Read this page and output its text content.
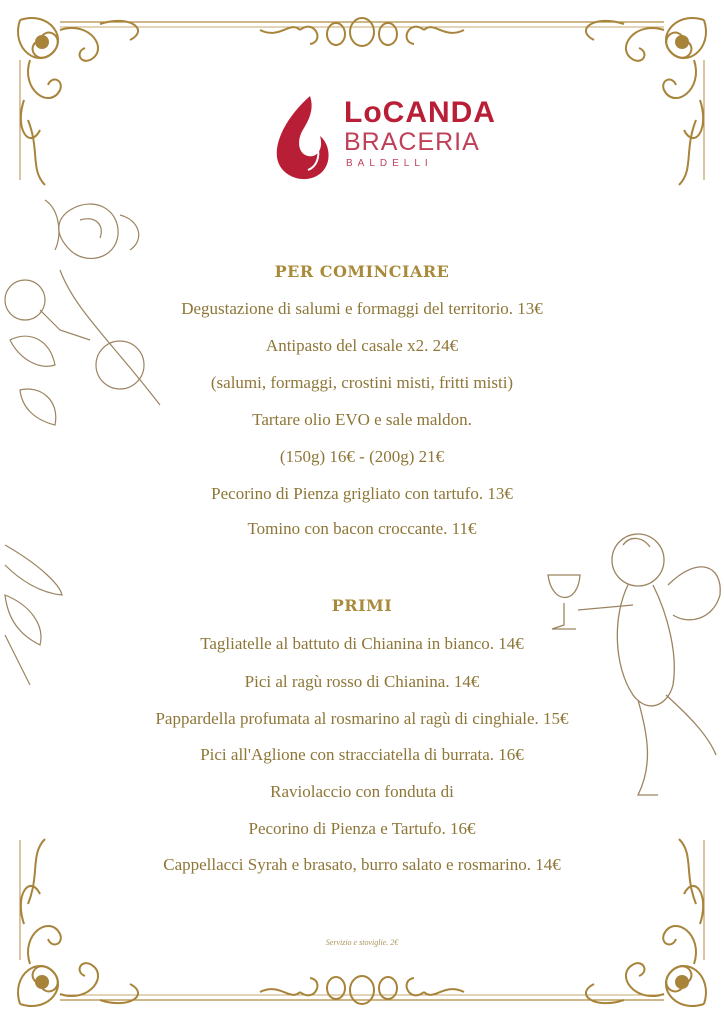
LoCANDA
BRACERIA
BALDELLI
PER COMINCIARE
Degustazione di salumi e formaggi del territorio. 13€
Antipasto del casale x2. 24€
(salumi, formaggi, crostini misti, fritti misti)
Tartare olio EVO e sale maldon.
(150g) 16€ - (200g) 21€
Pecorino di Pienza grigliato con tartufo. 13€
Tomino con bacon croccante. 11€
PRIMI
Tagliatelle al battuto di Chianina in bianco. 14€
Pici al ragù rosso di Chianina. 14€
Pappardella profumata al rosmarino al ragù di cinghiale. 15€
Pici all'Aglione con stracciatella di burrata. 16€
Raviolaccio con fonduta di
Pecorino di Pienza e Tartufo. 16€
Cappellacci Syrah e brasato, burro salato e rosmarino. 14€
Servizio e stoviglie. 2€
